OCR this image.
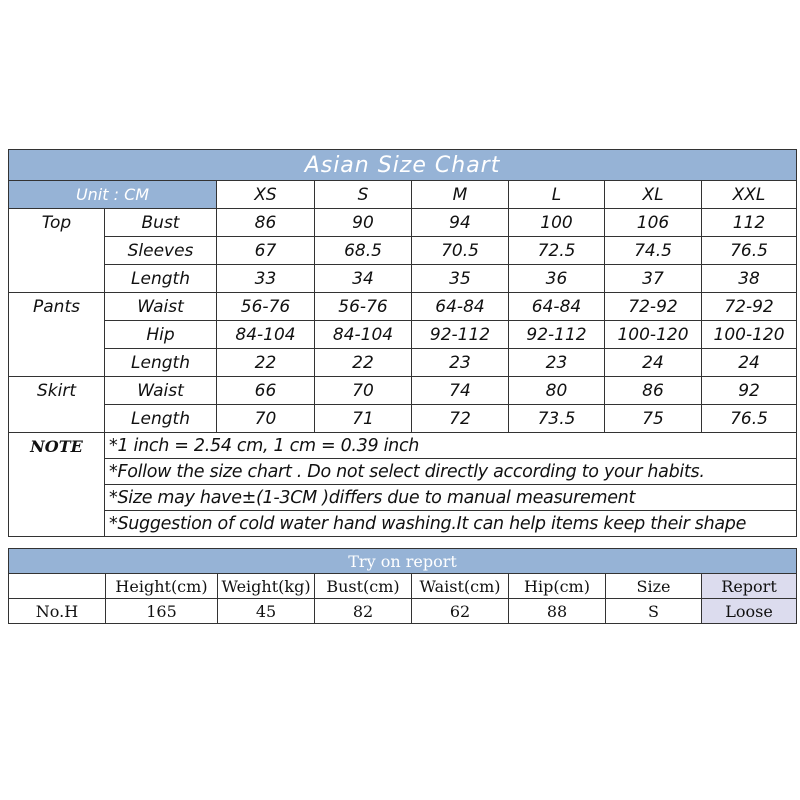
Asian Size Chart							
Unit : CM		XS	S	M	L	XL	XXL
Top	Bust	86	90	94	100	106	112
	Sleeves	67	68.5	70.5	72.5	74.5	76.5
	Length	33	34	35	36	37	38
Pants	Waist	56-76	56-76	64-84	64-84	72-92	72-92
	Hip	84-104	84-104	92-112	92-112	100-120	100-120
	Length	22	22	23	23	24	24
Skirt	Waist	66	70	74	80	86	92
	Length	70	71	72	73.5	75	76.5
NOTE	*1 inch = 2.54 cm, 1 cm = 0.39 inch						
	*Follow the size chart . Do not select directly according to your habits.						
	*Size may have±(1-3CM )differs due to manual measurement						
	*Suggestion of cold water hand washing.It can help items keep their shape						
Try on report							
	Height(cm)	Weight(kg)	Bust(cm)	Waist(cm)	Hip(cm)	Size	Report
No.H	165	45	82	62	88	S	Loose
